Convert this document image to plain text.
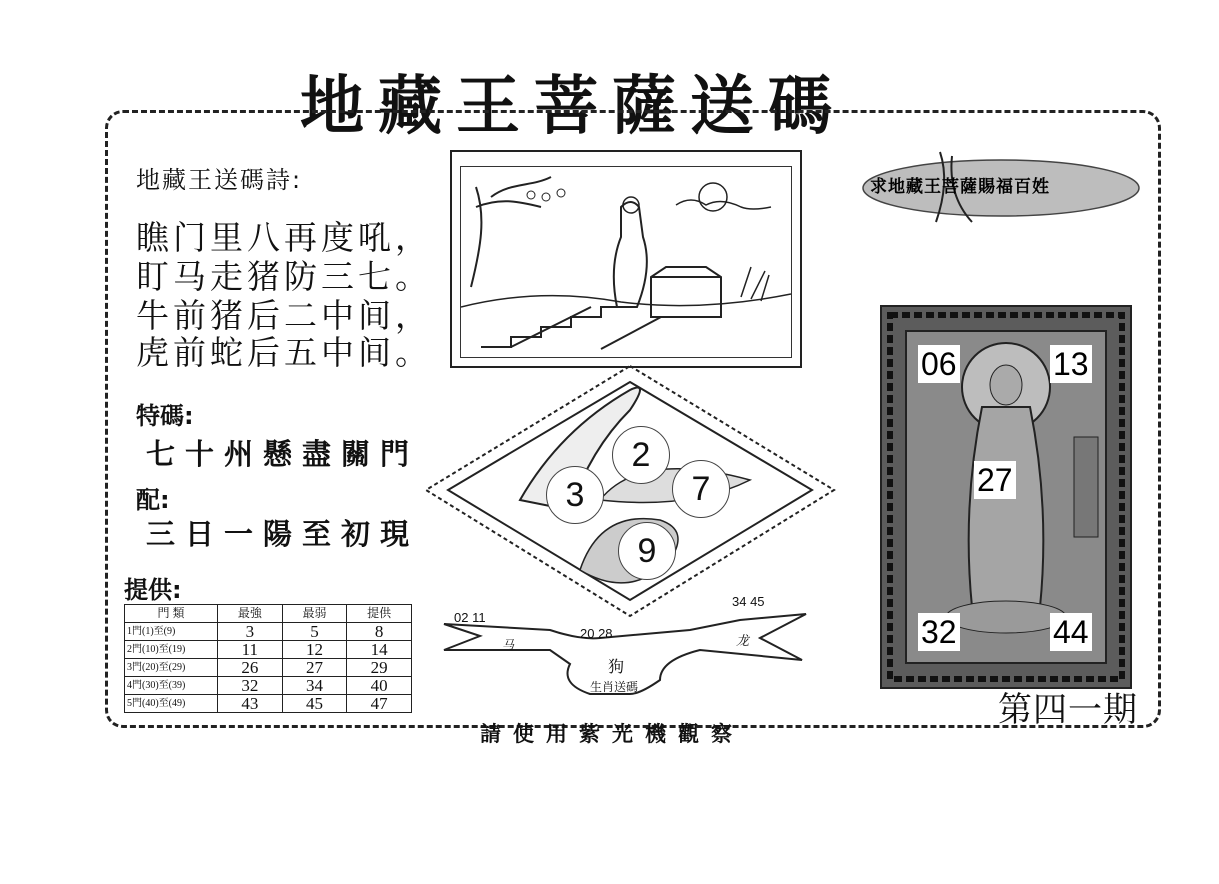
地藏王菩薩送碼
地藏王送碼詩:
瞧门里八再度吼，
盯马走猪防三七。
牛前猪后二中间，
虎前蛇后五中间。
特碼:
七十州懸盡關門
配:
三日一陽至初現
提供:
門 類	最強	最弱	提供
1門(1)至(9)	3	5	8
2門(10)至(19)	11	12	14
3門(20)至(29)	26	27	29
4門(30)至(39)	32	34	40
5門(40)至(49)	43	45	47
2
3	7
9
02 11
20 28
34 45
马	龙
狗
生肖送碼
求地藏王菩薩賜福百姓
06	13
27
32	44
第四一期
請使用紫光機觀察
